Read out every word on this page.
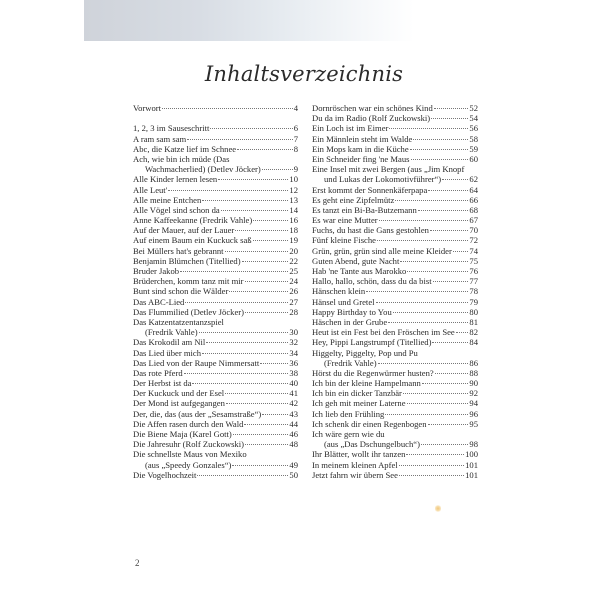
Inhaltsverzeichnis
Vorwort	4
1, 2, 3 im Sauseschritt	6
A ram sam sam	7
Abc, die Katze lief im Schnee	8
Ach, wie bin ich müde (Das
Wachmacherlied) (Detlev Jöcker)	9
Alle Kinder lernen lesen	10
Alle Leut'	12
Alle meine Entchen	13
Alle Vögel sind schon da	14
Anne Kaffeekanne (Fredrik Vahle)	16
Auf der Mauer, auf der Lauer	18
Auf einem Baum ein Kuckuck saß	19
Bei Müllers hat's gebrannt	20
Benjamin Blümchen (Titellied)	22
Bruder Jakob	25
Brüderchen, komm tanz mit mir	24
Bunt sind schon die Wälder	26
Das ABC-Lied	27
Das Flummilied (Detlev Jöcker)	28
Das Katzentatzentanzspiel
(Fredrik Vahle)	30
Das Krokodil am Nil	32
Das Lied über mich	34
Das Lied von der Raupe Nimmersatt	36
Das rote Pferd	38
Der Herbst ist da	40
Der Kuckuck und der Esel	41
Der Mond ist aufgegangen	42
Der, die, das (aus der „Sesamstraße“)	43
Die Affen rasen durch den Wald	44
Die Biene Maja (Karel Gott)	46
Die Jahresuhr (Rolf Zuckowski)	48
Die schnellste Maus von Mexiko
(aus „Speedy Gonzales“)	49
Die Vogelhochzeit	50
Dornröschen war ein schönes Kind	52
Du da im Radio (Rolf Zuckowski)	54
Ein Loch ist im Eimer	56
Ein Männlein steht im Walde	58
Ein Mops kam in die Küche	59
Ein Schneider fing 'ne Maus	60
Eine Insel mit zwei Bergen (aus „Jim Knopf
und Lukas der Lokomotivführer“)	62
Erst kommt der Sonnenkäferpapa	64
Es geht eine Zipfelmütz	66
Es tanzt ein Bi-Ba-Butzemann	68
Es war eine Mutter	67
Fuchs, du hast die Gans gestohlen	70
Fünf kleine Fische	72
Grün, grün, grün sind alle meine Kleider 74
Guten Abend, gute Nacht	75
Hab 'ne Tante aus Marokko	76
Hallo, hallo, schön, dass du da bist	77
Hänschen klein	78
Hänsel und Gretel	79
Happy Birthday to You	80
Häschen in der Grube	81
Heut ist ein Fest bei den Fröschen im See 82
Hey, Pippi Langstrumpf (Titellied)	84
Higgelty, Piggelty, Pop und Pu
(Fredrik Vahle)	86
Hörst du die Regenwürmer husten?	88
Ich bin der kleine Hampelmann	90
Ich bin ein dicker Tanzbär	92
Ich geh mit meiner Laterne	94
Ich lieb den Frühling	96
Ich schenk dir einen Regenbogen	95
Ich wäre gern wie du
(aus „Das Dschungelbuch“)	98
Ihr Blätter, wollt ihr tanzen	100
In meinem kleinen Apfel	101
Jetzt fahrn wir übern See	101
2
